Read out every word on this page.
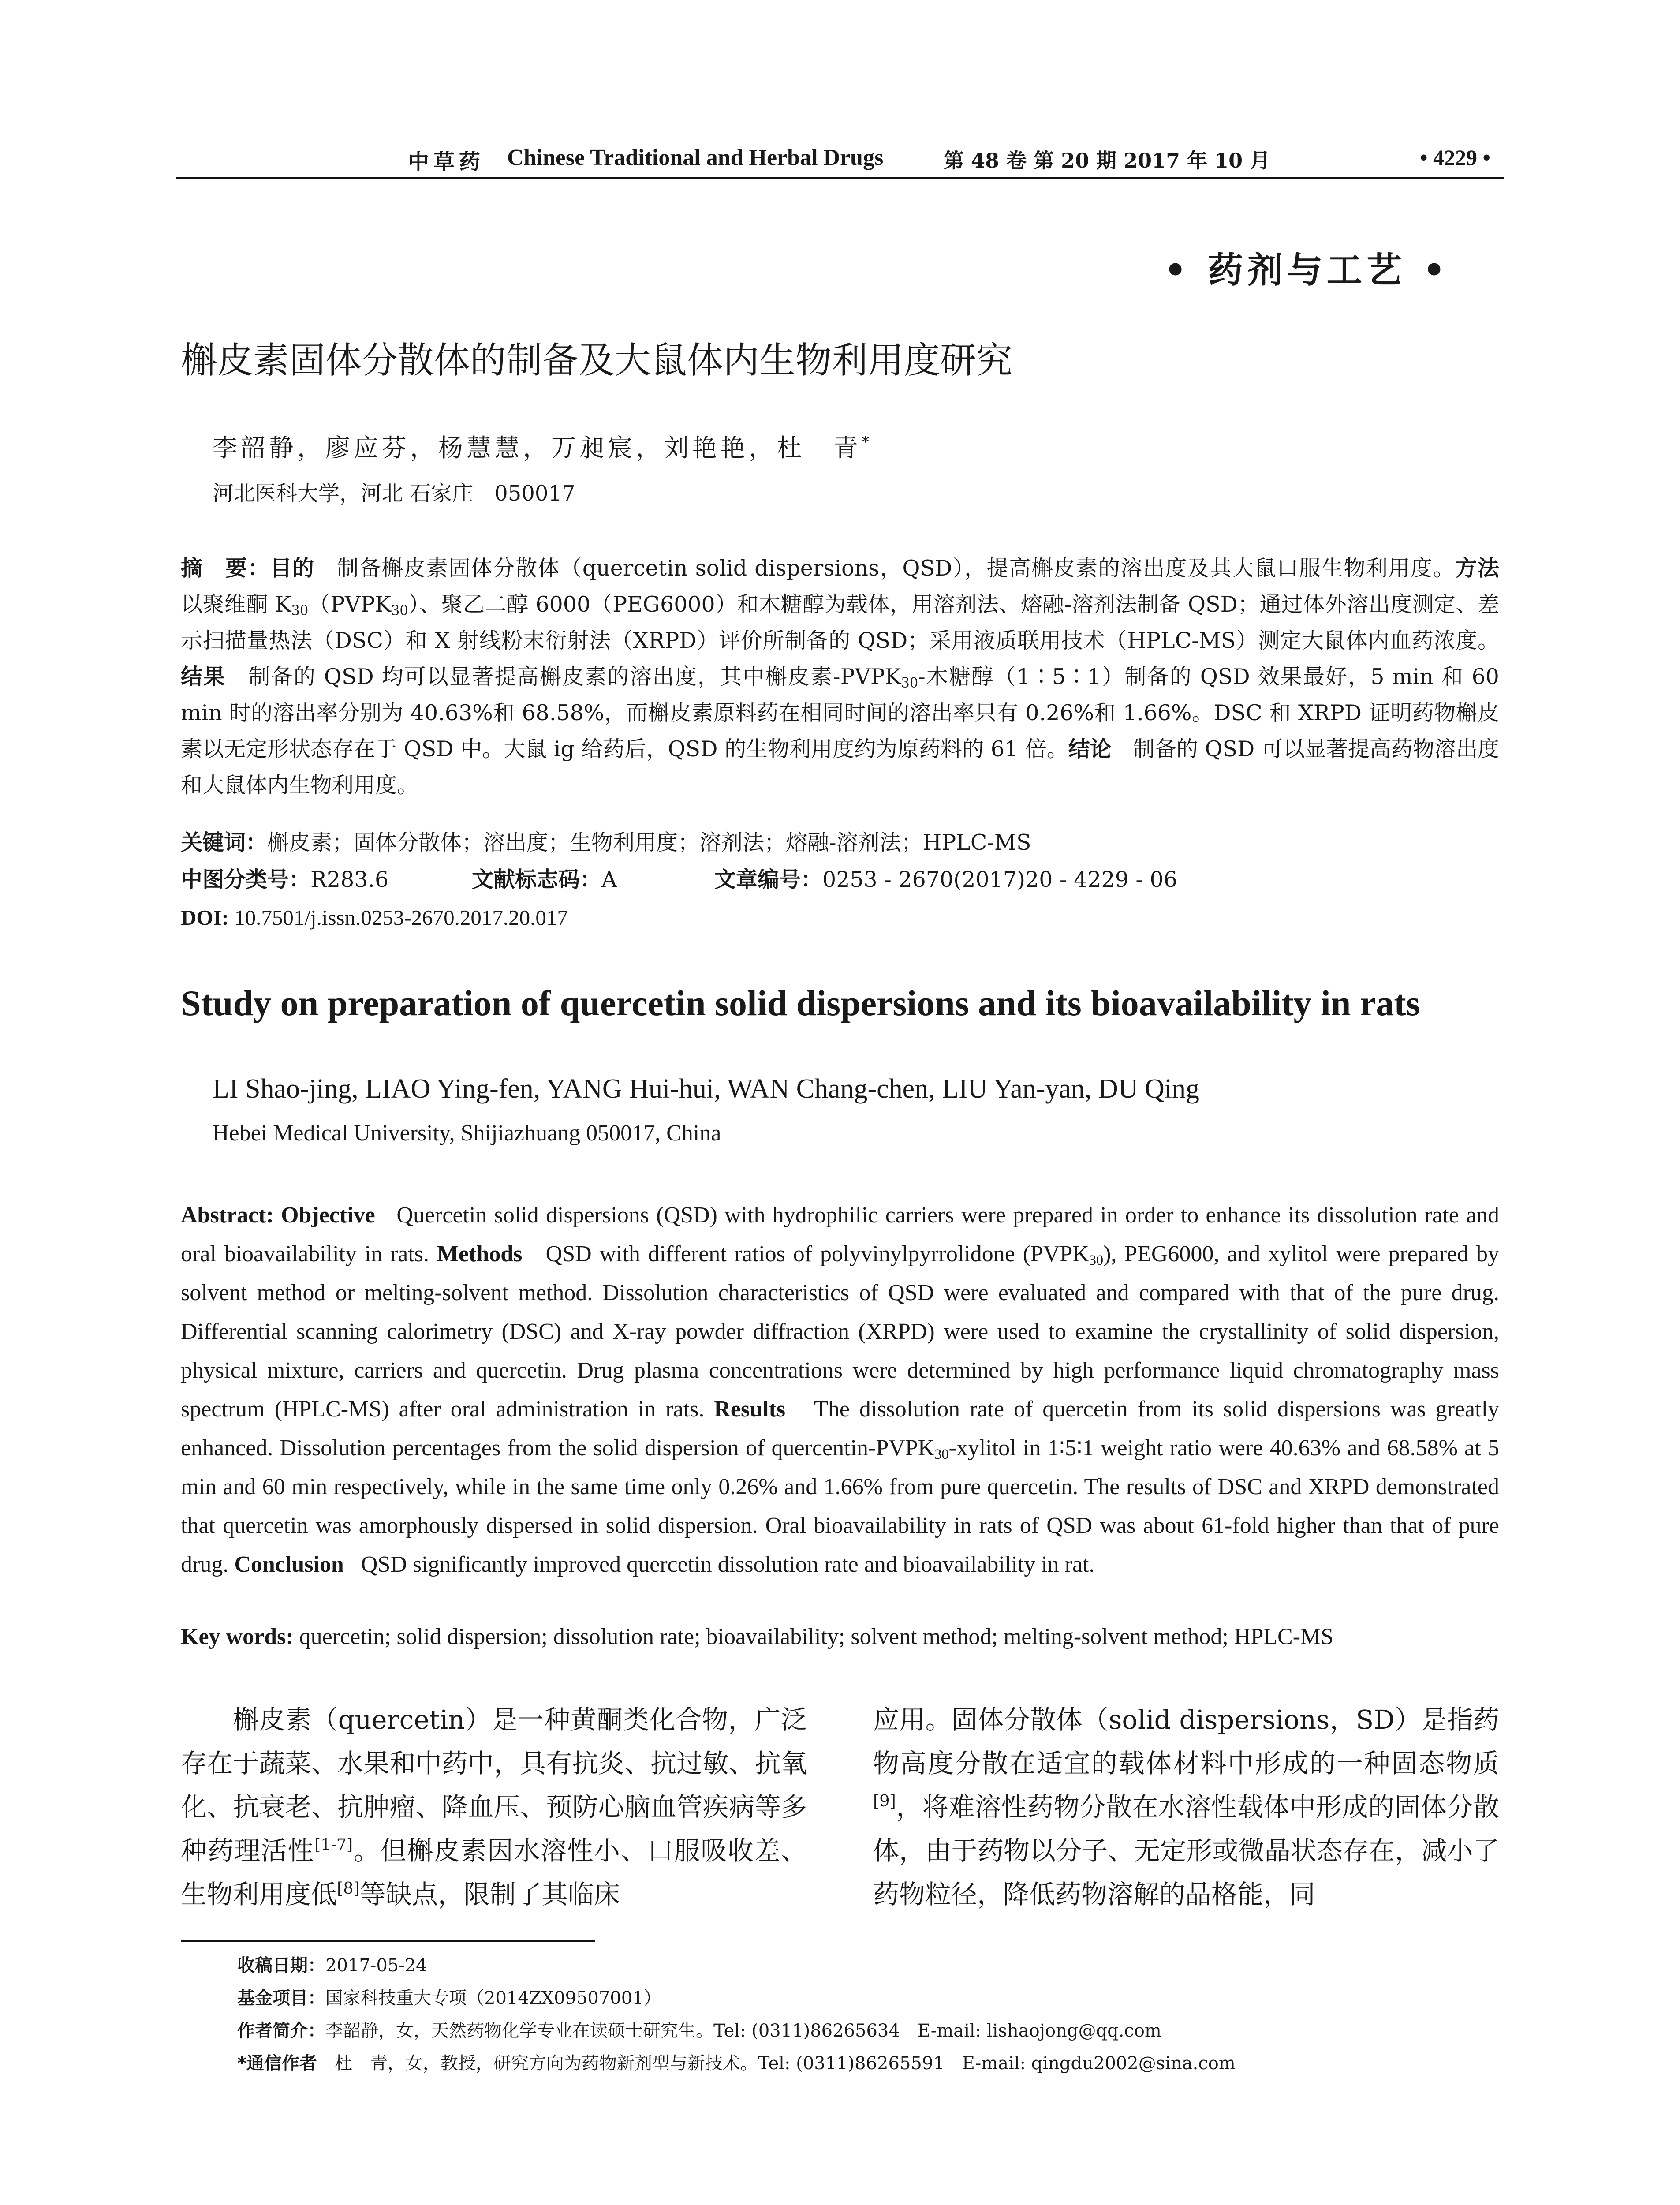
中草药 Chinese Traditional and Herbal Drugs	第 48 卷 第 20 期 2017 年 10 月	• 4229 •
• 药剂与工艺 •
槲皮素固体分散体的制备及大鼠体内生物利用度研究
李韶静，廖应芬，杨慧慧，万昶宸，刘艳艳，杜　青*
河北医科大学，河北 石家庄　050017

摘　要：目的　 制备槲皮素固体分散体（quercetin solid dispersions，QSD），提高槲皮素的溶出度及其大鼠口服生物利用度。方法　以聚维酮 $K_{30}(PVPK_{30})$、聚乙二醇 6000（PEG6000）和木糖醇为载体，用溶剂法、熔融-溶剂法制备 QSD；通过体外溶出度测定、差示扫描量热法（DSC）和 X 射线粉末衍射法（XRPD）评价所制备的 QSD；采用液质联用技术（HPLC-MS）测定大鼠体内血药浓度。结果　 制备的 QSD 均可以显著提高槲皮素的溶出度，其中槲皮素$-PVPK_{30}-$木糖醇（1∶5∶1）制备的 QSD 效果最好，5 min 和 60 min 时的溶出率分别为 40.63%和 68.58%，而槲皮素原料药在相同时间的溶出率只有 0.26%和 1.66%。DSC 和 XRPD 证明药物槲皮素以无定形状态存在于 QSD 中。大鼠 ig 给药后，QSD 的生物利用度约为原药料的 61 倍。结论　 制备的 QSD 可以显著提高药物溶出度和大鼠体内生物利用度。

关键词：槲皮素；固体分散体；溶出度；生物利用度；溶剂法；熔融-溶剂法；HPLC-MS
中图分类号：R283.6	文献标志码：A	文章编号：0253 - 2670(2017)20 - 4229 - 06
DOI: 10.7501/j.issn.0253-2670.2017.20.017
Study on preparation of quercetin solid dispersions and its bioavailability in rats
LI Shao-jing, LIAO Ying-fen, YANG Hui-hui, WAN Chang-chen, LIU Yan-yan, DU Qing
Hebei Medical University, Shijiazhuang 050017, China

Abstract: Objective Quercetin solid dispersions (QSD) with hydrophilic carriers were prepared in order to enhance its dissolution rate and oral bioavailability in rats. Methods QSD with different ratios of polyvinylpyrrolidone $(PVPK_{30})$, PEG6000, and xylitol were prepared by solvent method or melting-solvent method. Dissolution characteristics of QSD were evaluated and compared with that of the pure drug. Differential scanning calorimetry (DSC) and X-ray powder diffraction (XRPD) were used to examine the crystallinity of solid dispersion, physical mixture, carriers and quercetin. Drug plasma concentrations were determined by high performance liquid chromatography mass spectrum (HPLC-MS) after oral administration in rats. Results The dissolution rate of quercetin from its solid dispersions was greatly enhanced. Dissolution percentages from the solid dispersion of quercentin-$PVPK_{30}$-xylitol in 1∶5∶1 weight ratio were 40.63% and 68.58% at 5 min and 60 min respectively, while in the same time only 0.26% and 1.66% from pure quercetin. The results of DSC and XRPD demonstrated that quercetin was amorphously dispersed in solid dispersion. Oral bioavailability in rats of QSD was about 61-fold higher than that of pure drug. Conclusion QSD significantly improved quercetin dissolution rate and bioavailability in rat.

Key words: quercetin; solid dispersion; dissolution rate; bioavailability; solvent method; melting-solvent method; HPLC-MS

槲皮素（quercetin）是一种黄酮类化合物，广泛存在于蔬菜、水果和中药中，具有抗炎、抗过敏、抗氧化、抗衰老、抗肿瘤、降血压、预防心脑血管疾病等多种药理活性[1-7]。但槲皮素因水溶性小、口服吸收差、生物利用度低[8]等缺点，限制了其临床

应用。固体分散体（solid dispersions，SD）是指药物高度分散在适宜的载体材料中形成的一种固态物质[9]，将难溶性药物分散在水溶性载体中形成的固体分散体，由于药物以分子、无定形或微晶状态存在，减小了药物粒径，降低药物溶解的晶格能，同

收稿日期：2017-05-24
基金项目：国家科技重大专项（2014ZX09507001）
作者简介：李韶静，女，天然药物化学专业在读硕士研究生。Tel: (0311)86265634　E-mail: lishaojong@qq.com
*通信作者　 杜　青，女，教授，研究方向为药物新剂型与新技术。Tel: (0311)86265591　E-mail: qingdu2002@sina.com
